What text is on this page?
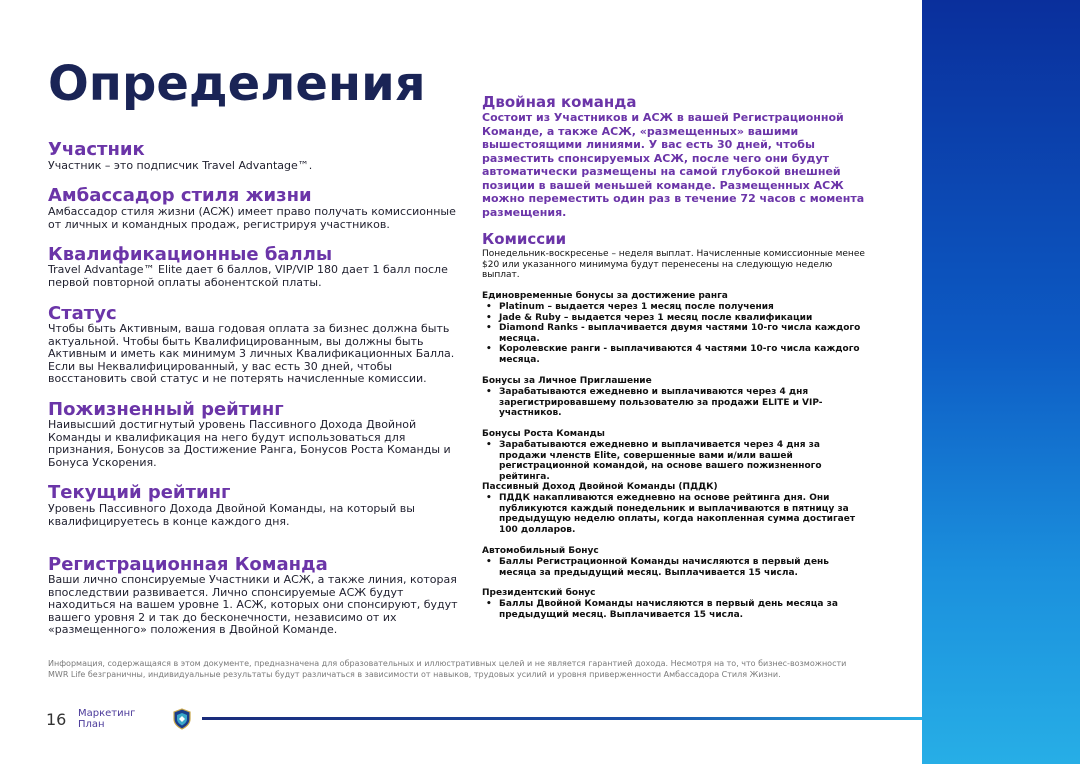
Определения
Участник
Участник – это подписчик Travel Advantage™.
Амбассадор стиля жизни
Амбассадор стиля жизни (АСЖ) имеет право получать комиссионные от личных и командных продаж, регистрируя участников.
Квалификационные баллы
Travel Advantage™ Elite дает 6 баллов, VIP/VIP 180 дает 1 балл после первой повторной оплаты абонентской платы.
Статус
Чтобы быть Активным, ваша годовая оплата за бизнес должна быть актуальной. Чтобы быть Квалифицированным, вы должны быть Активным и иметь как минимум 3 личных Квалификационных Балла. Если вы Неквалифицированный, у вас есть 30 дней, чтобы восстановить свой статус и не потерять начисленные комиссии.
Пожизненный рейтинг
Наивысший достигнутый уровень Пассивного Дохода Двойной Команды и квалификация на него будут использоваться для признания, Бонусов за Достижение Ранга, Бонусов Роста Команды и Бонуса Ускорения.
Текущий рейтинг
Уровень Пассивного Дохода Двойной Команды, на который вы квалифицируетесь в конце каждого дня.
Регистрационная Команда
Ваши лично спонсируемые Участники и АСЖ, а также линия, которая впоследствии развивается. Лично спонсируемые АСЖ будут находиться на вашем уровне 1. АСЖ, которых они спонсируют, будут вашего уровня 2 и так до бесконечности, независимо от их «размещенного» положения в Двойной Команде.
Двойная команда
Состоит из Участников и АСЖ в вашей Регистрационной Команде, а также АСЖ, «размещенных» вашими вышестоящими линиями. У вас есть 30 дней, чтобы разместить спонсируемых АСЖ, после чего они будут автоматически размещены на самой глубокой внешней позиции в вашей меньшей команде. Размещенных АСЖ можно переместить один раз в течение 72 часов с момента размещения.
Комиссии
Понедельник-воскресенье – неделя выплат. Начисленные комиссионные менее $20 или указанного минимума будут перенесены на следующую неделю выплат.
Единовременные бонусы за достижение ранга
• Platinum – выдается через 1 месяц после получения
• Jade & Ruby – выдается через 1 месяц после квалификации
• Diamond Ranks - выплачивается двумя частями 10-го числа каждого месяца.
• Королевские ранги - выплачиваются 4 частями 10-го числа каждого месяца.
Бонусы за Личное Приглашение
• Зарабатываются ежедневно и выплачиваются через 4 дня зарегистрировавшему пользователю за продажи ELITE и VIP-участников.
Бонусы Роста Команды
• Зарабатываются ежедневно и выплачивается через 4 дня за продажи членств Elite, совершенные вами и/или вашей регистрационной командой, на основе вашего пожизненного рейтинга.
Пассивный Доход Двойной Команды (ПДДК)
• ПДДК накапливаются ежедневно на основе рейтинга дня. Они публикуются каждый понедельник и выплачиваются в пятницу за предыдущую неделю оплаты, когда накопленная сумма достигает 100 долларов.
Автомобильный Бонус
• Баллы Регистрационной Команды начисляются в первый день месяца за предыдущий месяц. Выплачивается 15 числа.
Президентский бонус
• Баллы Двойной Команды начисляются в первый день месяца за предыдущий месяц. Выплачивается 15 числа.
Информация, содержащаяся в этом документе, предназначена для образовательных и иллюстративных целей и не является гарантией дохода. Несмотря на то, что бизнес-возможности MWR Life безграничны, индивидуальные результаты будут различаться в зависимости от навыков, трудовых усилий и уровня приверженности Амбассадора Стиля Жизни.
16 Маркетинг
План
